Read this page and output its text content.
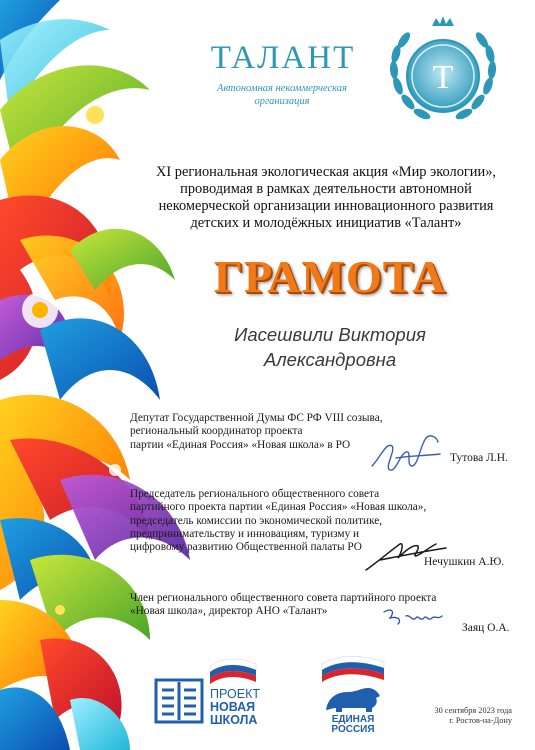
ТАЛАНТ
Автономная некоммерческая
организация
Т
XI региональная экологическая акция «Мир экологии»,
проводимая в рамках деятельности автономной
некомерческой организации инновационного развития
детских и молодёжных инициатив «Талант»
ГРАМОТА
Иасешвили Виктория
Александровна
Депутат Государственной Думы ФС РФ VIII созыва,
региональный координатор проекта
партии «Единая Россия» «Новая школа» в РО
Тутова Л.Н.
Председатель регионального общественного совета
партийного проекта партии «Единая Россия» «Новая школа»,
председатель комиссии по экономической политике,
предпринимательству и инновациям, туризму и
цифровому развитию Общественной палаты РО
Нечушкин А.Ю.
Член регионального общественного совета партийного проекта
«Новая школа», директор АНО «Талант»
Заяц О.А.
ПРОЕКТ
НОВАЯ
ШКОЛА	ЕДИНАЯ
РОССИЯ
30 сентября 2023 года
г. Ростов-на-Дону
